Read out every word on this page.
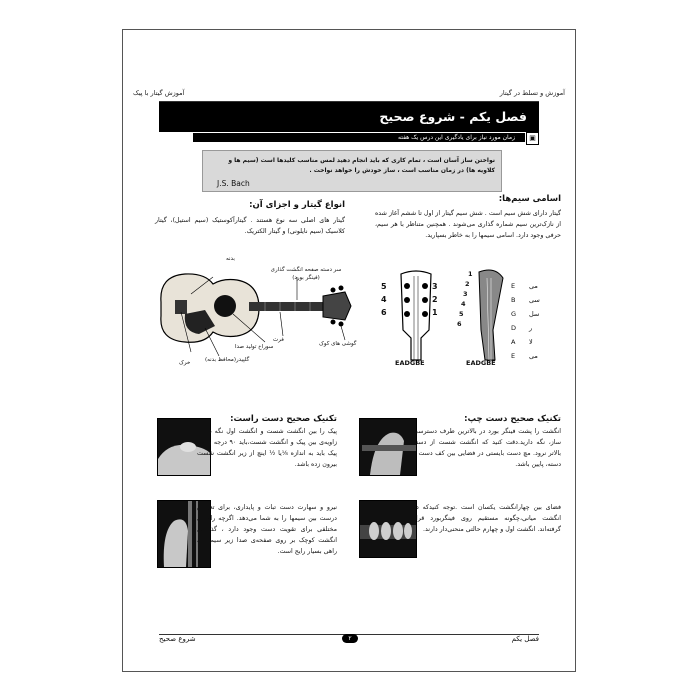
آموزش و تسلط در گیتار
آموزش گیتار با پیک
فصل یکم - شروع صحیح
زمان مورد نیاز برای یادگیری این درس یک هفته	▣
نواختن ساز آسان است ، تمام کاری که باید انجام دهید لمس مناسب کلیدها است (سیم ها و کلاویه ها) در زمان مناسب است ، ساز خودش را خواهد نواخت .
J.S. Bach
اسامی سیم‌ها:
گیتار دارای شش سیم است . شش سیم گیتار از اول تا ششم آغاز شده از نازک‌ترین سیم شماره گذاری می‌شوند . همچنین متناظر با هر سیم، حرفی وجود دارد. اسامی سیمها را به خاطر بسپارید.
5
4
6
3
2
1
1
2
3
4
5
6
EADGBE	EADGBE
E می
B سی
G سل
D ر
A لا
E می
انواع گیتار و اجزای آن:
گیتار های اصلی سه نوع هستند . گیتارآکوستیک (سیم استیل)، گیتار کلاسیک (سیم نایلونی) و گیتار الکتریک.
بدنه
سر دسته صفحه انگشت گذاری (فینگر بورد)
فرت
گوشی های کوک
سوراخ تولید صدا
گلپیدر(محافظ بدنه)
خرک
تکنیک صحیح دست چپ:
انگشت را پشت فینگر بورد در بالاترین طرف دسترسی ساز، نگه دارید.دقت کنید که انگشت شست از دسته بالاتر نرود. مچ دست بایستی در فضایی بین کف دست و دسته، پایین باشد.
فضای بین چهارانگشت یکسان است .توجه کنیدکه دو انگشت میانی،چگونه مستقیم روی فینگربورد قرار گرفته‌اند. انگشت اول و چهارم حالتی منحنی‌دار دارند.
تکنیک صحیح دست راست:
پیک را بین انگشت شست و انگشت اول نگه دارید. زاویه‌ی بین پیک و انگشت شست،باید ۹۰ درجه باشد. پیک باید به اندازه ⅛یا ½ اینچ از زیر انگشت شست بیرون زده باشد.
نیرو و سهارت دست تبات و پایداری، برای تعویض درست بین سیمها را به شما می‌دهد. اگرچه راه‌های مختلفی برای تقویت دست وجود دارد ، گذاشتن انگشت کوچک بر روی صفحه‌ی صدا زیر سیم اول راهی بسیار رایج است.
شروع صحیح	فصل یکم
۲
